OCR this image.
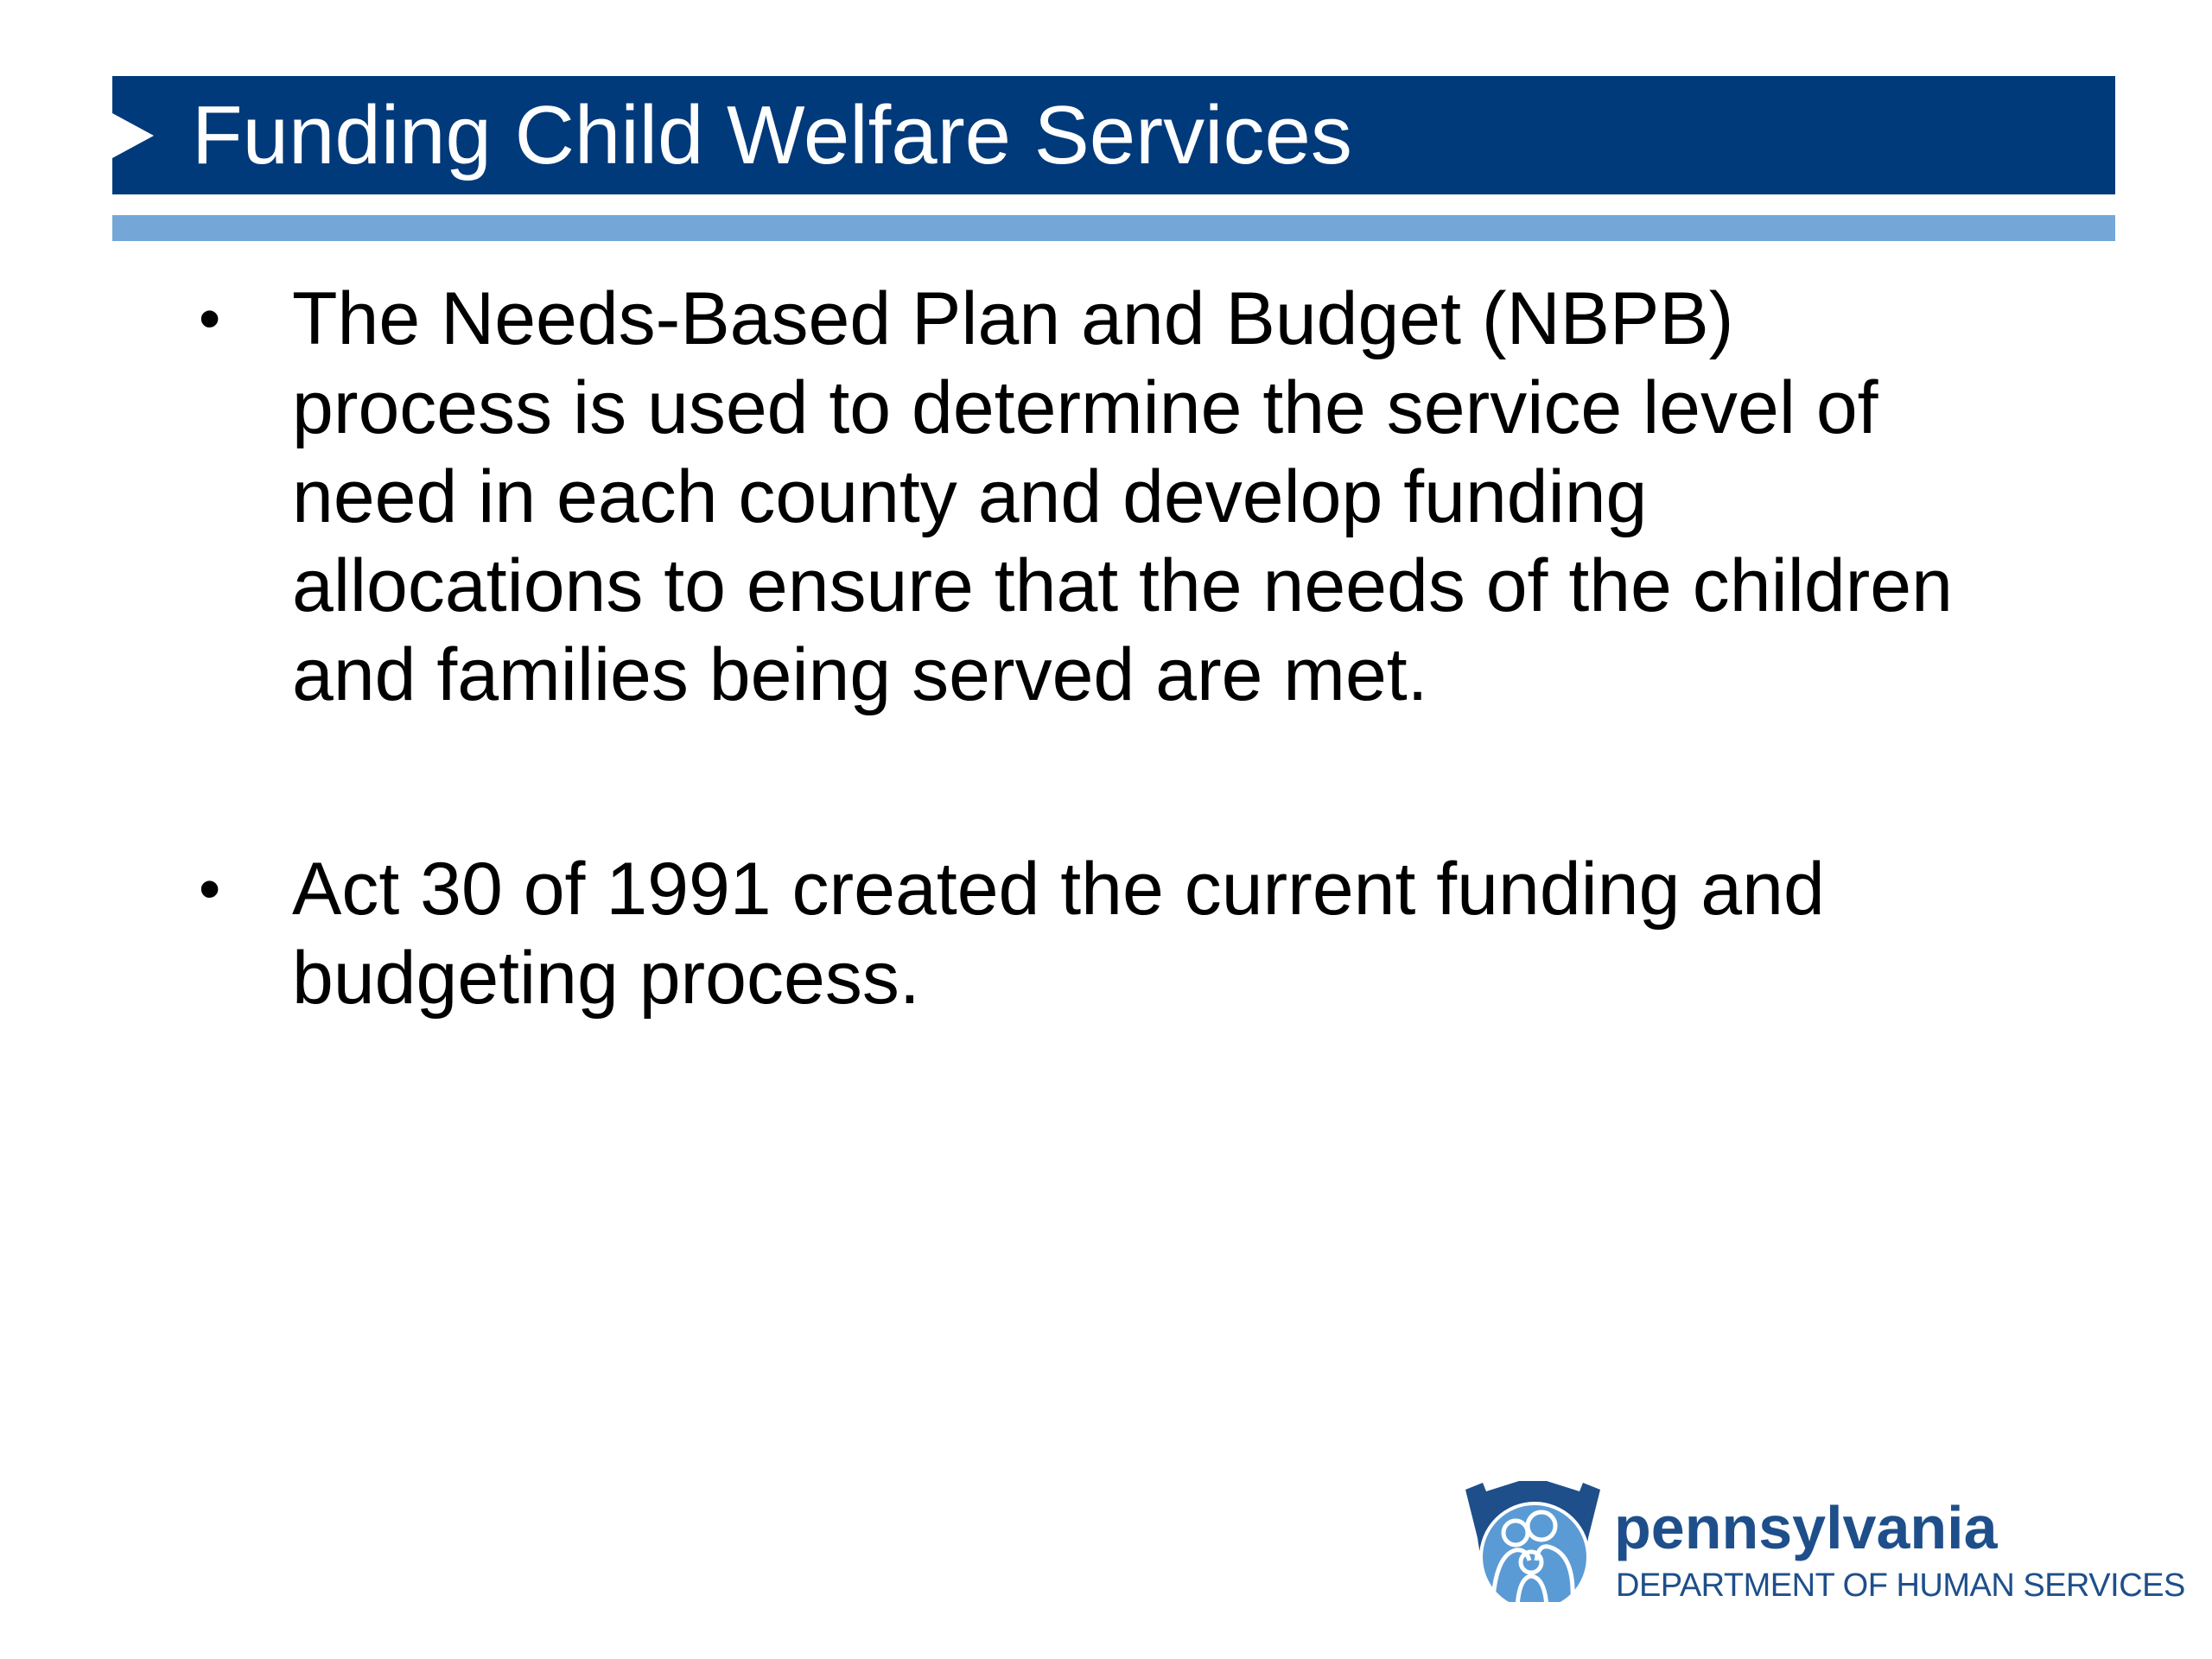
Funding Child Welfare Services
• The Needs-Based Plan and Budget (NBPB) process is used to determine the service level of need in each county and develop funding allocations to ensure that the needs of the children and families being served are met.
• Act 30 of 1991 created the current funding and budgeting process.
pennsylvania
DEPARTMENT OF HUMAN SERVICES
